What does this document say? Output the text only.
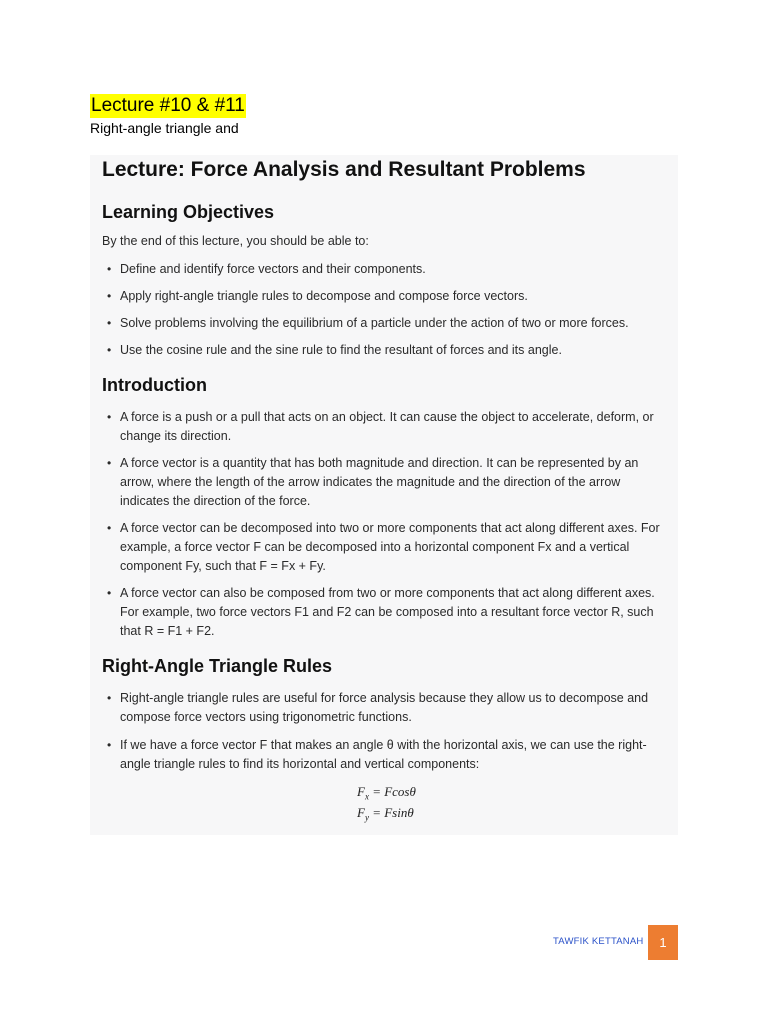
Lecture #10 & #11
Right-angle triangle and
Lecture: Force Analysis and Resultant Problems
Learning Objectives

By the end of this lecture, you should be able to:

• Define and identify force vectors and their components.
• Apply right-angle triangle rules to decompose and compose force vectors.
• Solve problems involving the equilibrium of a particle under the action of two or more forces.
• Use the cosine rule and the sine rule to find the resultant of forces and its angle.
Introduction
• A force is a push or a pull that acts on an object. It can cause the object to accelerate, deform, or change its direction.
• A force vector is a quantity that has both magnitude and direction. It can be represented by an arrow, where the length of the arrow indicates the magnitude and the direction of the arrow indicates the direction of the force.
• A force vector can be decomposed into two or more components that act along different axes. For example, a force vector F can be decomposed into a horizontal component Fx and a vertical component Fy, such that F = Fx + Fy.
• A force vector can also be composed from two or more components that act along different axes. For example, two force vectors F1 and F2 can be composed into a resultant force vector R, such that R = F1 + F2.
Right-Angle Triangle Rules
• Right-angle triangle rules are useful for force analysis because they allow us to decompose and compose force vectors using trigonometric functions.
• If we have a force vector F that makes an angle θ with the horizontal axis, we can use the right-angle triangle rules to find its horizontal and vertical components:
$F_x = Fcos\theta$
$F_y = Fsin\theta$
TAWFIK KETTANAH 1
